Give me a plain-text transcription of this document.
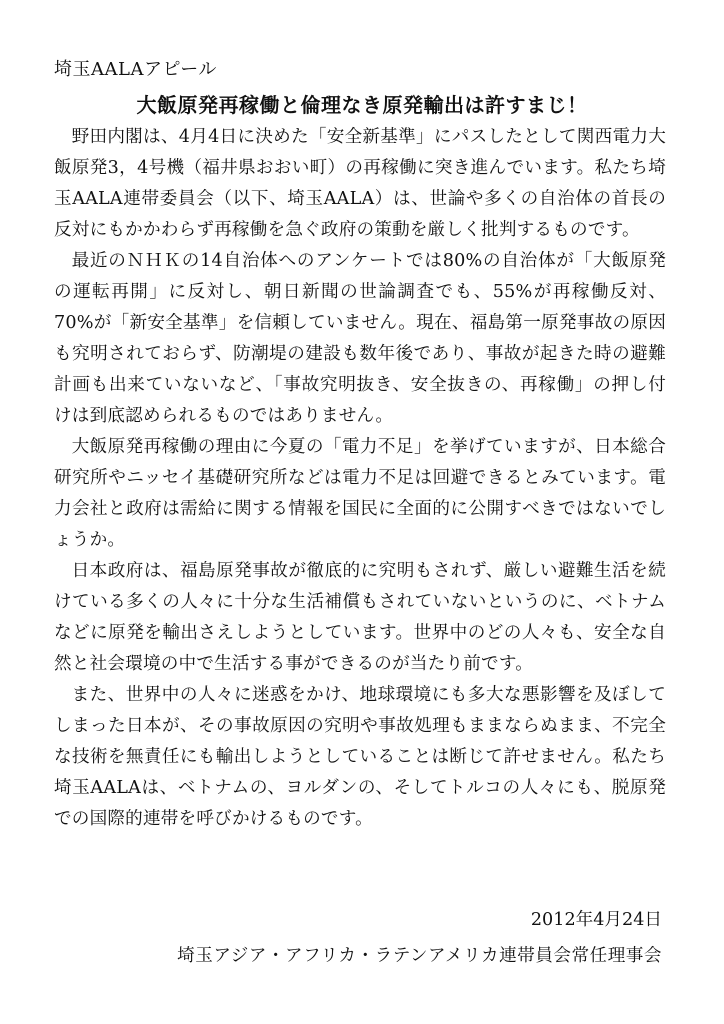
埼玉AALAアピール
大飯原発再稼働と倫理なき原発輸出は許すまじ！

野田内閣は、4月4日に決めた「安全新基準」にパスしたとして関西電力大飯原発3，4号機（福井県おおい町）の再稼働に突き進んでいます。私たち埼玉AALA連帯委員会（以下、埼玉AALA）は、世論や多くの自治体の首長の反対にもかかわらず再稼働を急ぐ政府の策動を厳しく批判するものです。

最近のＮＨＫの14自治体へのアンケートでは80%の自治体が「大飯原発の運転再開」に反対し、朝日新聞の世論調査でも、55%が再稼働反対、70%が「新安全基準」を信頼していません。現在、福島第一原発事故の原因も究明されておらず、防潮堤の建設も数年後であり、事故が起きた時の避難計画も出来ていないなど、「事故究明抜き、安全抜きの、再稼働」の押し付けは到底認められるものではありません。

大飯原発再稼働の理由に今夏の「電力不足」を挙げていますが、日本総合研究所やニッセイ基礎研究所などは電力不足は回避できるとみています。電力会社と政府は需給に関する情報を国民に全面的に公開すべきではないでしょうか。

日本政府は、福島原発事故が徹底的に究明もされず、厳しい避難生活を続けている多くの人々に十分な生活補償もされていないというのに、ベトナムなどに原発を輸出さえしようとしています。世界中のどの人々も、安全な自然と社会環境の中で生活する事ができるのが当たり前です。

また、世界中の人々に迷惑をかけ、地球環境にも多大な悪影響を及ぼしてしまった日本が、その事故原因の究明や事故処理もままならぬまま、不完全な技術を無責任にも輸出しようとしていることは断じて許せません。私たち埼玉AALAは、ベトナムの、ヨルダンの、そしてトルコの人々にも、脱原発での国際的連帯を呼びかけるものです。

2012年4月24日
埼玉アジア・アフリカ・ラテンアメリカ連帯員会常任理事会
